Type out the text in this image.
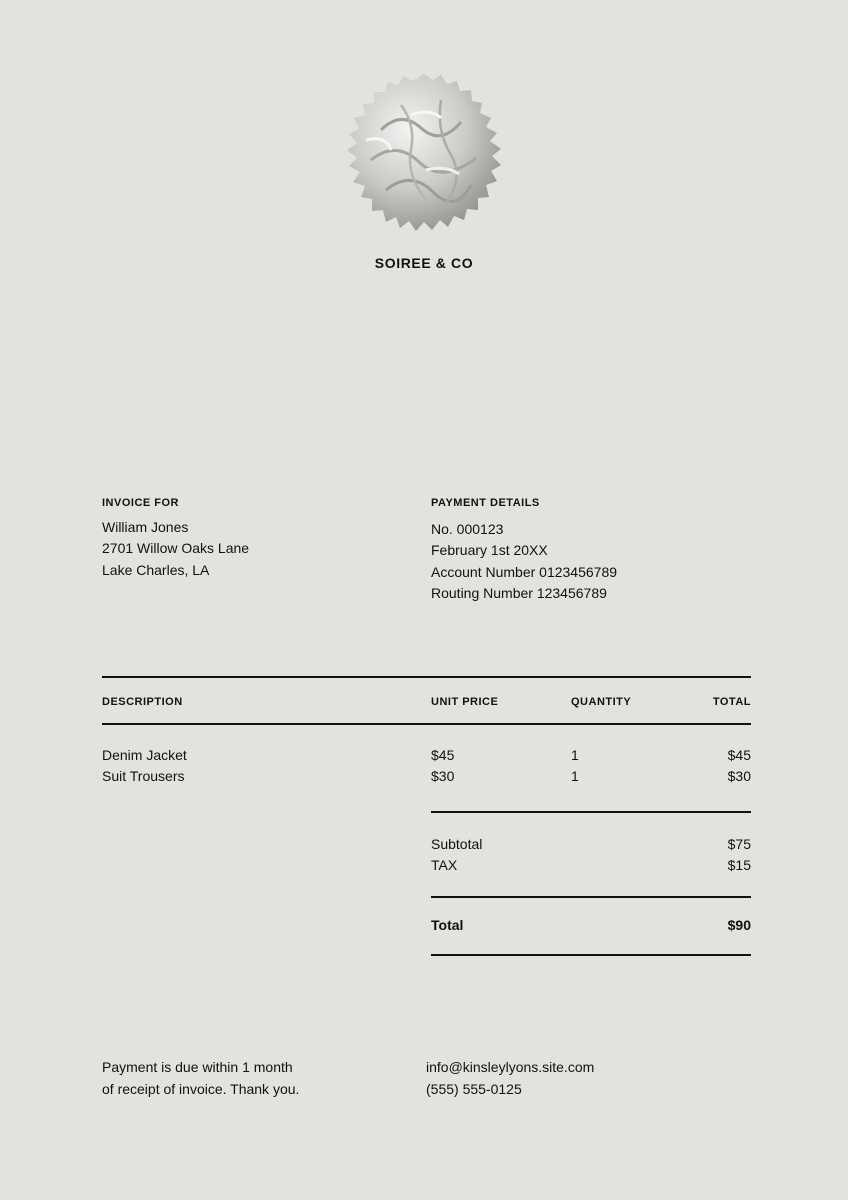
SOIREE & CO
INVOICE FOR
William Jones
2701 Willow Oaks Lane
Lake Charles, LA
PAYMENT DETAILS
No. 000123
February 1st 20XX
Account Number 0123456789
Routing Number 123456789
DESCRIPTION	UNIT PRICE	QUANTITY	TOTAL
Denim Jacket	$45	1	$45
Suit Trousers	$30	1	$30
Subtotal	$75
TAX	$15
Total	$90
Payment is due within 1 month
of receipt of invoice. Thank you.
info@kinsleylyons.site.com
(555) 555-0125
